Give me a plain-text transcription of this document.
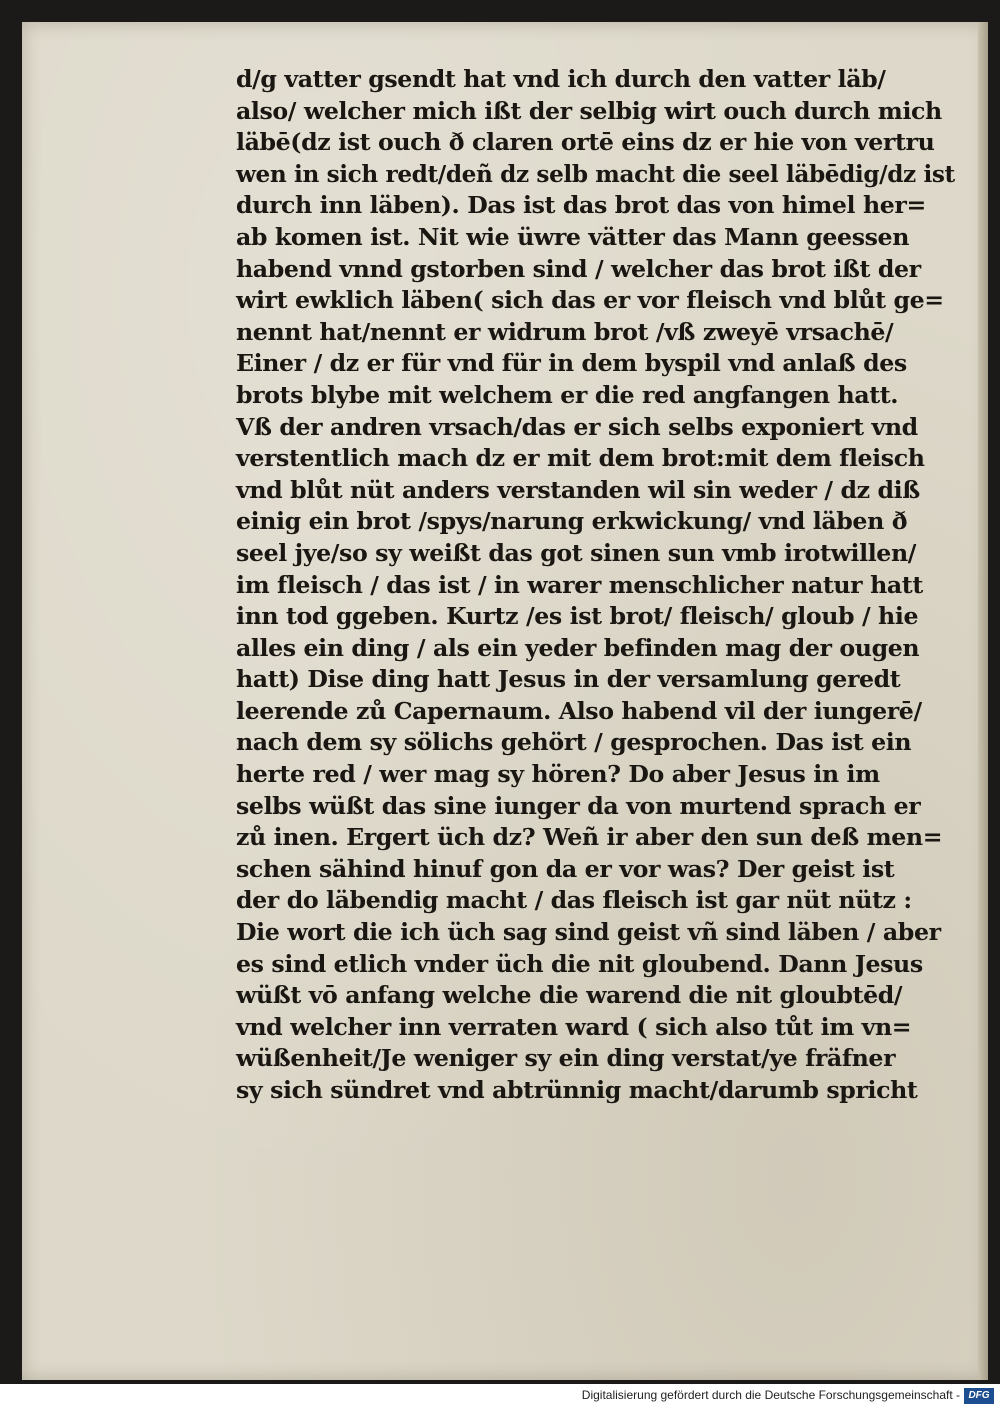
d/g vatter gsendt hat vnd ich durch den vatter läb/
also/ welcher mich ißt der selbig wirt ouch durch mich
läbē(dz ist ouch ð claren ortē eins dz er hie von vertru
wen in sich redt/deñ dz selb macht die seel läbēdig/dz ist
durch inn läben). Das ist das brot das von himel her=
ab komen ist. Nit wie üwre vätter das Mann geessen
habend vnnd gstorben sind / welcher das brot ißt der
wirt ewklich läben( sich das er vor fleisch vnd blůt ge=
nennt hat/nennt er widrum brot /vß zweyē vrsachē/
Einer / dz er für vnd für in dem byspil vnd anlaß des
brots blybe mit welchem er die red angfangen hatt.
Vß der andren vrsach/das er sich selbs exponiert vnd
verstentlich mach dz er mit dem brot:mit dem fleisch
vnd blůt nüt anders verstanden wil sin weder / dz diß
einig ein brot /spys/narung erkwickung/ vnd läben ð
seel jye/so sy weißt das got sinen sun vmb irotwillen/
im fleisch / das ist / in warer menschlicher natur hatt
inn tod ggeben. Kurtz /es ist brot/ fleisch/ gloub / hie
alles ein ding / als ein yeder befinden mag der ougen
hatt) Dise ding hatt Jesus in der versamlung geredt
leerende zů Capernaum. Also habend vil der iungerē/
nach dem sy sölichs gehört / gesprochen. Das ist ein
herte red / wer mag sy hören? Do aber Jesus in im
selbs wüßt das sine iunger da von murtend sprach er
zů inen. Ergert üch dz? Weñ ir aber den sun deß men=
schen sähind hinuf gon da er vor was? Der geist ist
der do läbendig macht / das fleisch ist gar nüt nütz :
Die wort die ich üch sag sind geist vñ sind läben / aber
es sind etlich vnder üch die nit gloubend. Dann Jesus
wüßt vō anfang welche die warend die nit gloubtēd/
vnd welcher inn verraten ward ( sich also tůt im vn=
wüßenheit/Je weniger sy ein ding verstat/ye fräfner
sy sich sündret vnd abtrünnig macht/darumb spricht
Digitalisierung gefördert durch die Deutsche Forschungsgemeinschaft - DFG
